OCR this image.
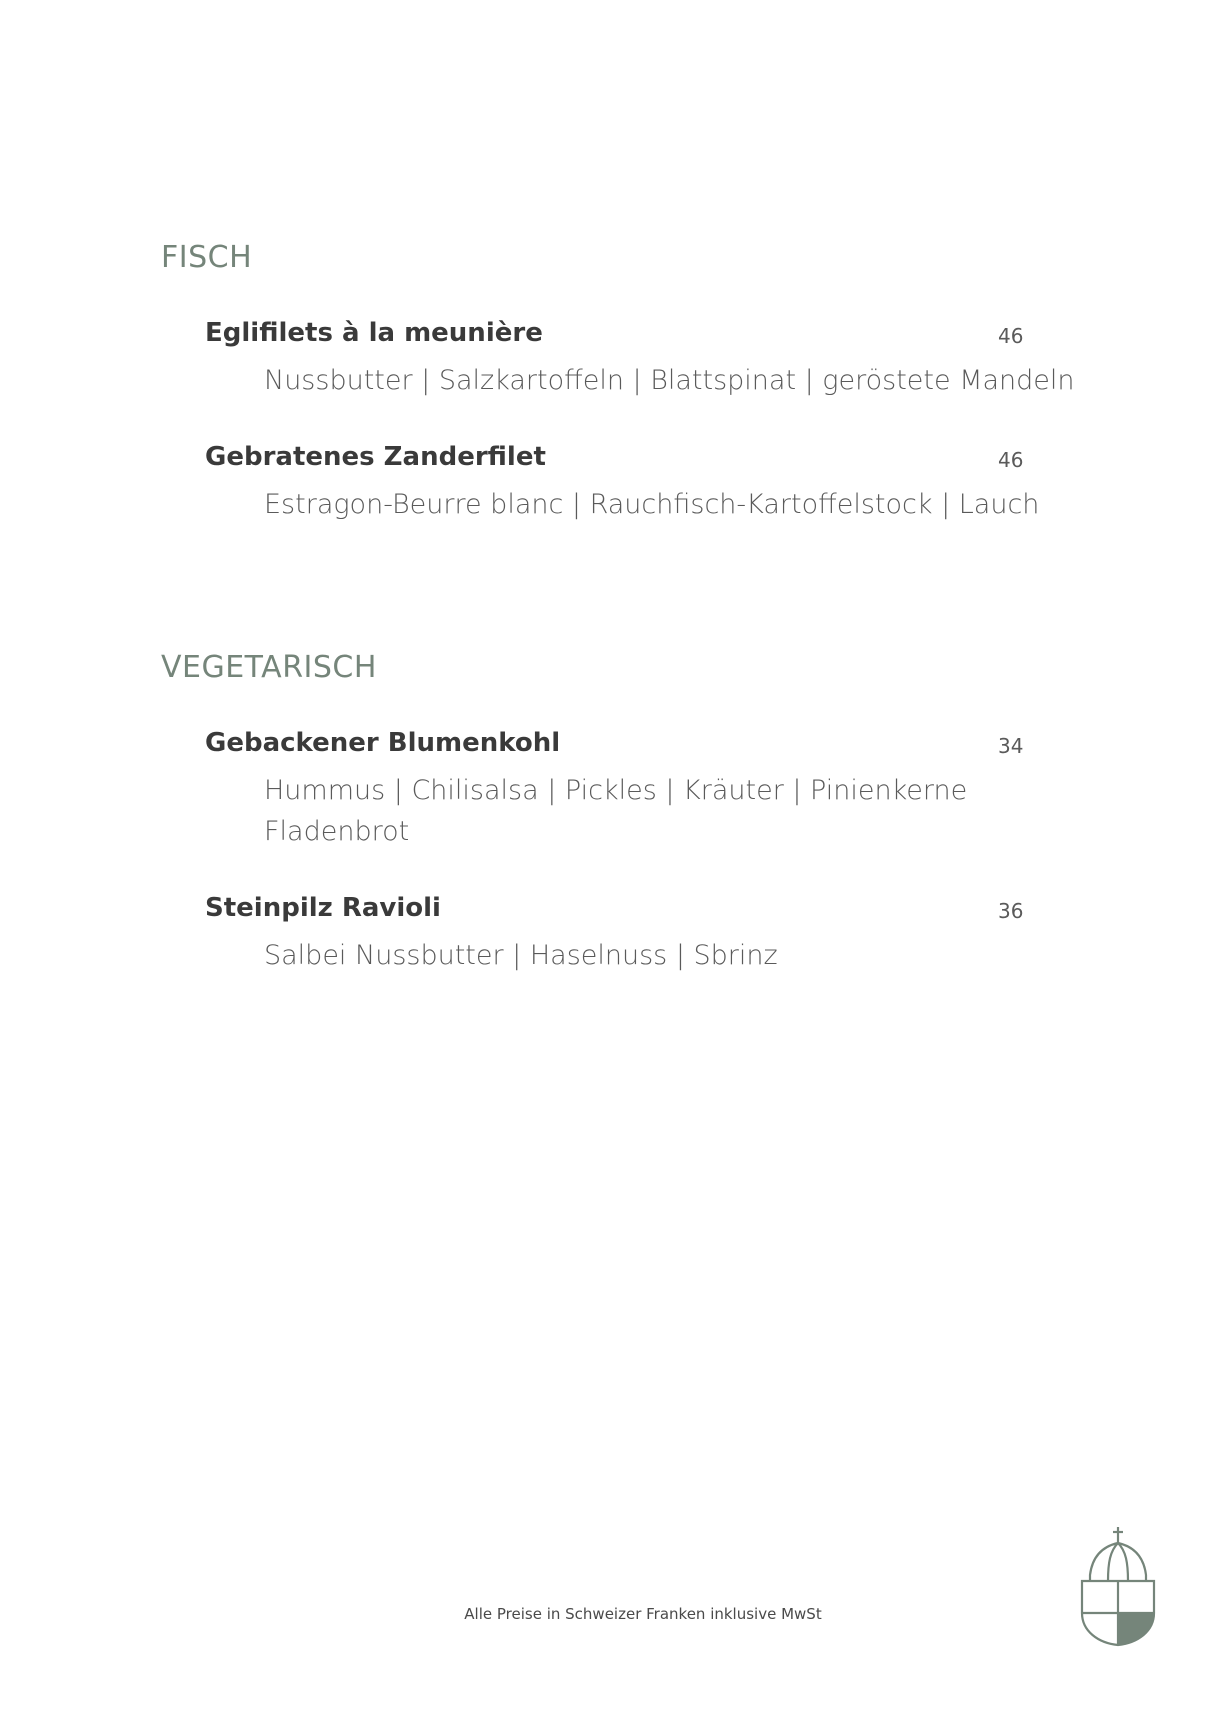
FISCH
Eglifilets à la meunière	46

Nussbutter | Salzkartoffeln | Blattspinat | geröstete Mandeln

Gebratenes Zanderfilet	46

Estragon-Beurre blanc | Rauchfisch-Kartoffelstock | Lauch

VEGETARISCH
Gebackener Blumenkohl	34
Hummus | Chilisalsa | Pickles | Kräuter | Pinienkerne
Fladenbrot
Steinpilz Ravioli	36

Salbei Nussbutter | Haselnuss | Sbrinz

Alle Preise in Schweizer Franken inklusive MwSt
